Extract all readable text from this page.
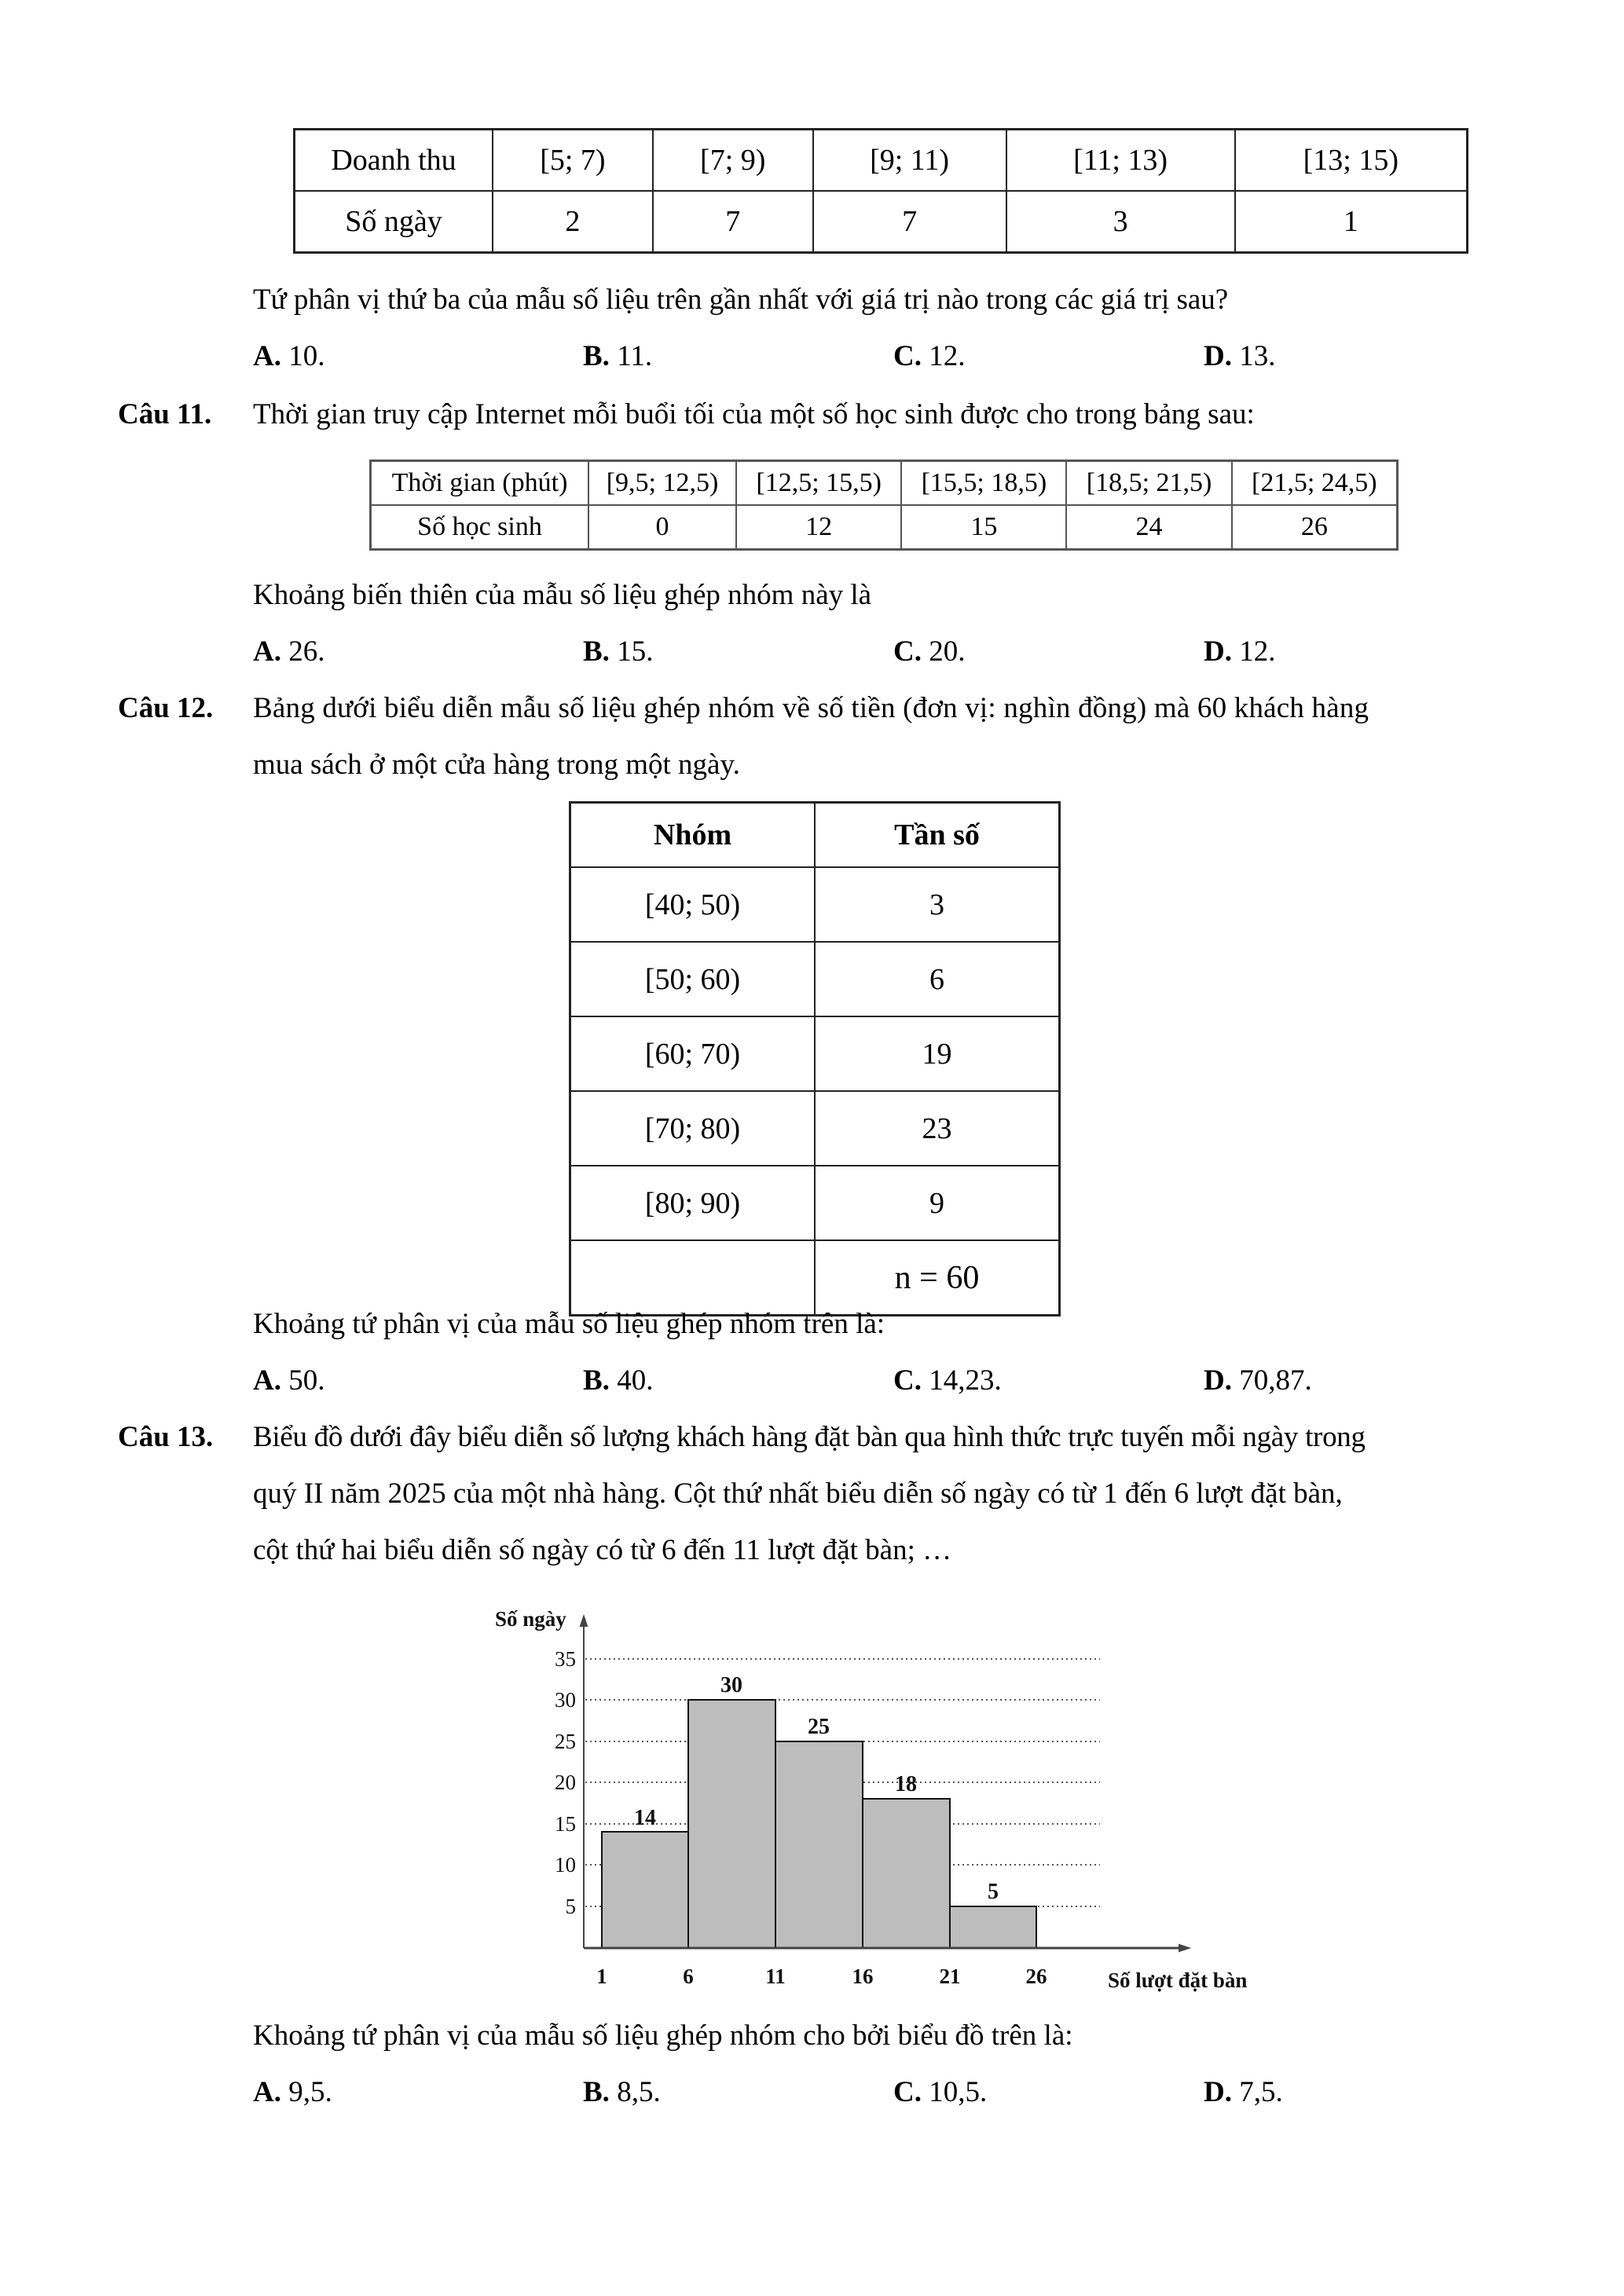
Doanh thu	[5; 7)	[7; 9)	[9; 11)	[11; 13)	[13; 15)
Số ngày	2	7	7	3	1
Tứ phân vị thứ ba của mẫu số liệu trên gần nhất với giá trị nào trong các giá trị sau?
A. 10.	B. 11.	C. 12.	D. 13.
Câu 11. Thời gian truy cập Internet mỗi buổi tối của một số học sinh được cho trong bảng sau:
Thời gian (phút)	[9,5; 12,5)	[12,5; 15,5)	[15,5; 18,5)	[18,5; 21,5)	[21,5; 24,5)
Số học sinh	0	12	15	24	26
Khoảng biến thiên của mẫu số liệu ghép nhóm này là
A. 26.	B. 15.	C. 20.	D. 12.
Câu 12. Bảng dưới biểu diễn mẫu số liệu ghép nhóm về số tiền (đơn vị: nghìn đồng) mà 60 khách hàng
mua sách ở một cửa hàng trong một ngày.
Nhóm	Tần số
[40; 50)	3
[50; 60)	6
[60; 70)	19
[70; 80)	23
[80; 90)	9
	n = 60
Khoảng tứ phân vị của mẫu số liệu ghép nhóm trên là:
A. 50.	B. 40.	C. 14,23.	D. 70,87.
Câu 13. Biểu đồ dưới đây biểu diễn số lượng khách hàng đặt bàn qua hình thức trực tuyến mỗi ngày trong
quý II năm 2025 của một nhà hàng. Cột thứ nhất biểu diễn số ngày có từ 1 đến 6 lượt đặt bàn,
cột thứ hai biểu diễn số ngày có từ 6 đến 11 lượt đặt bàn; …
35
30
25
20
15
10
5
1	6	11	16	21	26
14
30
25
18
5
Số ngày
Số lượt đặt bàn
Khoảng tứ phân vị của mẫu số liệu ghép nhóm cho bởi biểu đồ trên là:
A. 9,5.	B. 8,5.	C. 10,5.	D. 7,5.
